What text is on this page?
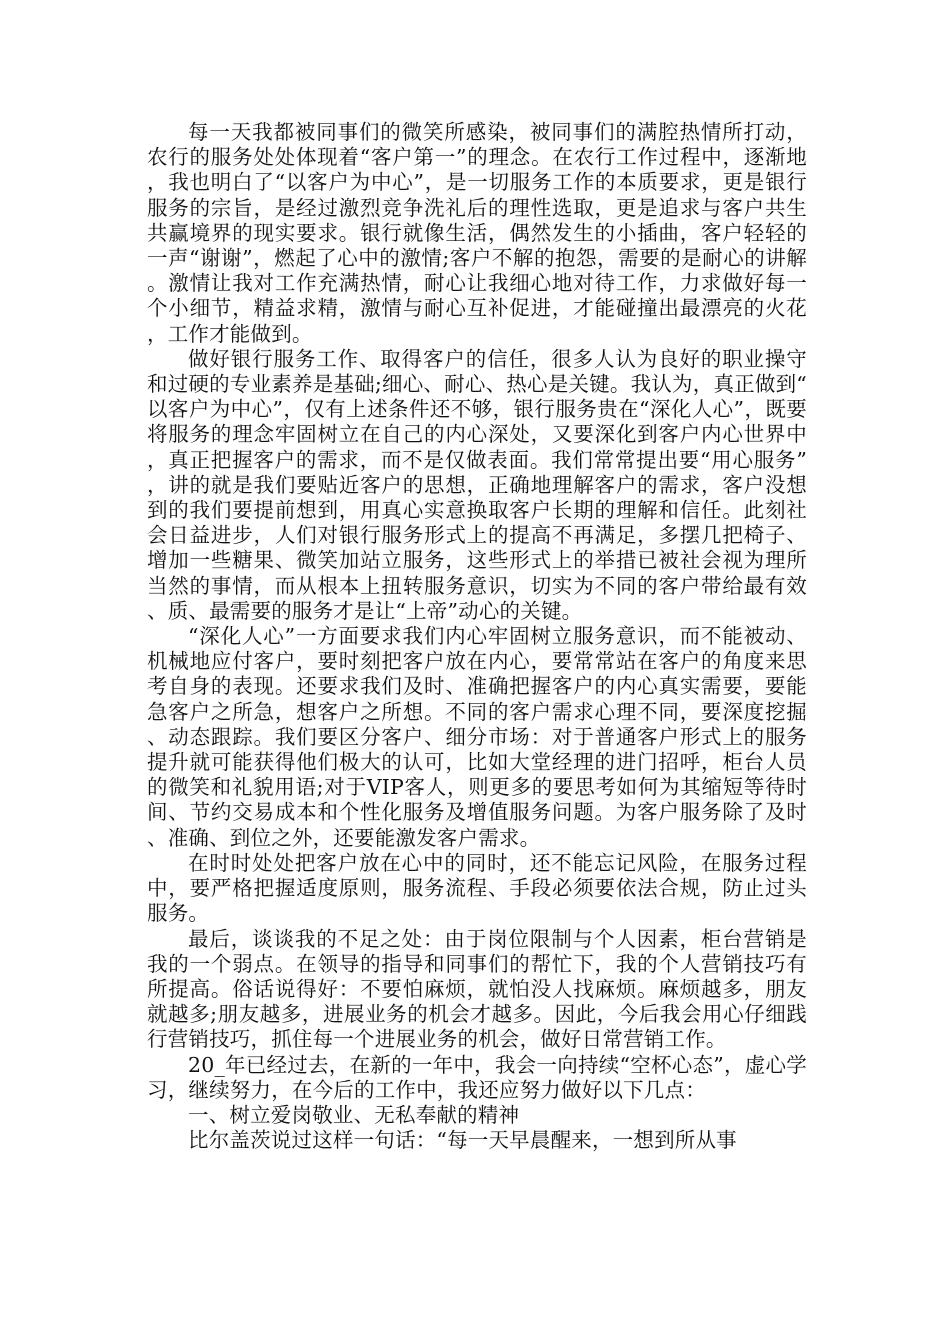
每一天我都被同事们的微笑所感染，被同事们的满腔热情所打动，农行的服务处处体现着“客户第一”的理念。在农行工作过程中，逐渐地，我也明白了“以客户为中心”，是一切服务工作的本质要求，更是银行服务的宗旨，是经过激烈竞争洗礼后的理性选取，更是追求与客户共生共赢境界的现实要求。银行就像生活，偶然发生的小插曲，客户轻轻的一声“谢谢”，燃起了心中的激情;客户不解的抱怨，需要的是耐心的讲解。激情让我对工作充满热情，耐心让我细心地对待工作，力求做好每一个小细节，精益求精，激情与耐心互补促进，才能碰撞出最漂亮的火花，工作才能做到。

做好银行服务工作、取得客户的信任，很多人认为良好的职业操守和过硬的专业素养是基础;细心、耐心、热心是关键。我认为，真正做到“以客户为中心”，仅有上述条件还不够，银行服务贵在“深化人心”，既要将服务的理念牢固树立在自己的内心深处，又要深化到客户内心世界中，真正把握客户的需求，而不是仅做表面。我们常常提出要“用心服务”，讲的就是我们要贴近客户的思想，正确地理解客户的需求，客户没想到的我们要提前想到，用真心实意换取客户长期的理解和信任。此刻社会日益进步，人们对银行服务形式上的提高不再满足，多摆几把椅子、增加一些糖果、微笑加站立服务，这些形式上的举措已被社会视为理所当然的事情，而从根本上扭转服务意识，切实为不同的客户带给最有效、质、最需要的服务才是让“上帝”动心的关键。

“深化人心”一方面要求我们内心牢固树立服务意识，而不能被动、机械地应付客户，要时刻把客户放在内心，要常常站在客户的角度来思考自身的表现。还要求我们及时、准确把握客户的内心真实需要，要能急客户之所急，想客户之所想。不同的客户需求心理不同，要深度挖掘、动态跟踪。我们要区分客户、细分市场：对于普通客户形式上的服务提升就可能获得他们极大的认可，比如大堂经理的进门招呼，柜台人员的微笑和礼貌用语;对于VIP客人，则更多的要思考如何为其缩短等待时间、节约交易成本和个性化服务及增值服务问题。为客户服务除了及时、准确、到位之外，还要能激发客户需求。

在时时处处把客户放在心中的同时，还不能忘记风险，在服务过程中，要严格把握适度原则，服务流程、手段必须要依法合规，防止过头服务。

最后，谈谈我的不足之处：由于岗位限制与个人因素，柜台营销是我的一个弱点。在领导的指导和同事们的帮忙下，我的个人营销技巧有所提高。俗话说得好：不要怕麻烦，就怕没人找麻烦。麻烦越多，朋友就越多;朋友越多，进展业务的机会才越多。因此，今后我会用心仔细践行营销技巧，抓住每一个进展业务的机会，做好日常营销工作。

20_年已经过去，在新的一年中，我会一向持续“空杯心态”，虚心学习，继续努力，在今后的工作中，我还应努力做好以下几点：

一、树立爱岗敬业、无私奉献的精神

比尔盖茨说过这样一句话：“每一天早晨醒来，一想到所从事
